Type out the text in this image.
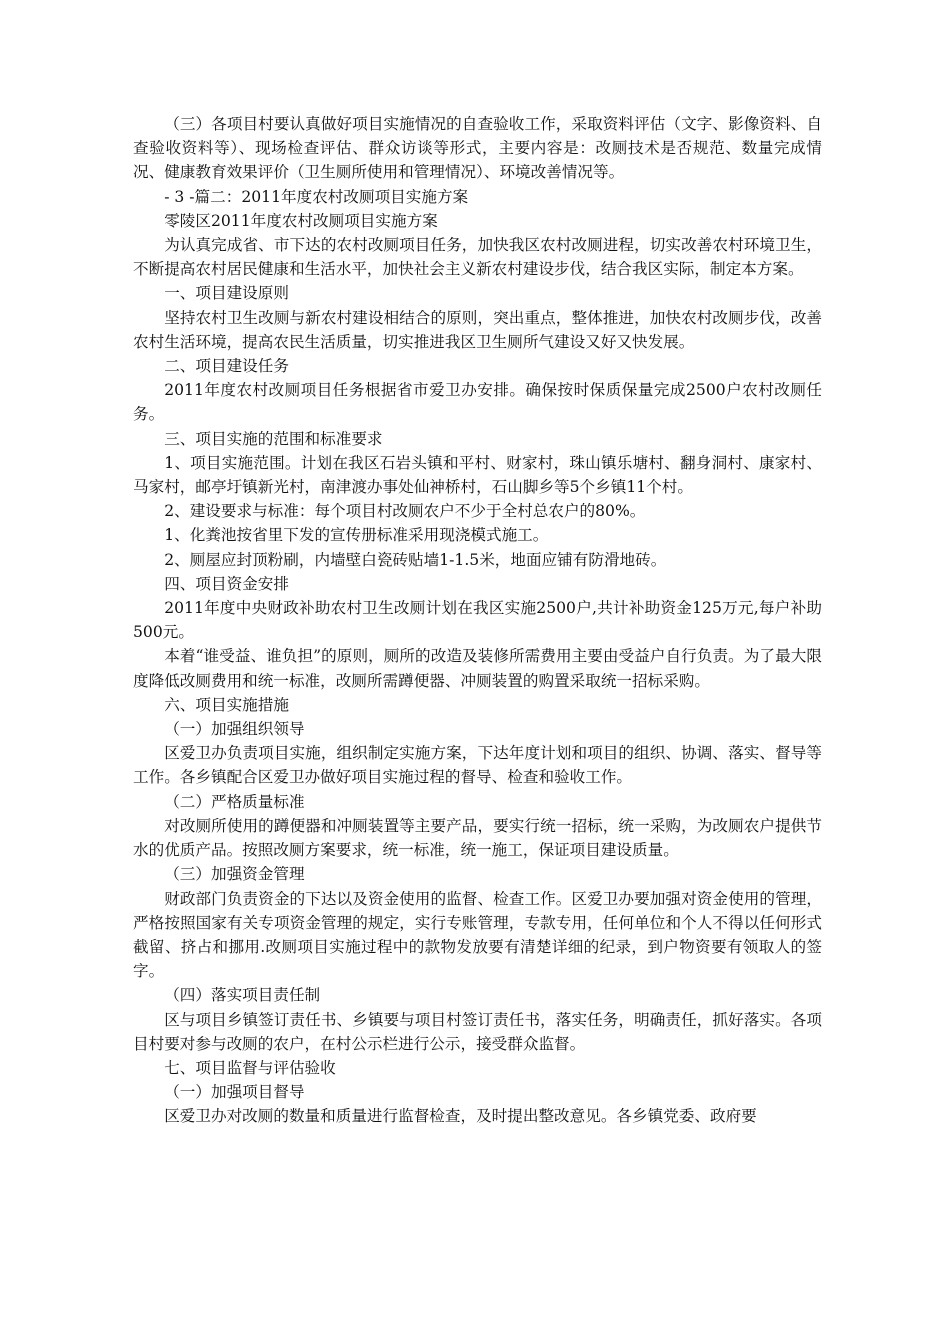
（三）各项目村要认真做好项目实施情况的自查验收工作，采取资料评估（文字、影像资料、自查验收资料等）、现场检查评估、群众访谈等形式，主要内容是：改厕技术是否规范、数量完成情况、健康教育效果评价（卫生厕所使用和管理情况）、环境改善情况等。

- 3 -篇二：2011年度农村改厕项目实施方案

零陵区2011年度农村改厕项目实施方案

为认真完成省、市下达的农村改厕项目任务，加快我区农村改厕进程，切实改善农村环境卫生，不断提高农村居民健康和生活水平，加快社会主义新农村建设步伐，结合我区实际，制定本方案。

一、项目建设原则

坚持农村卫生改厕与新农村建设相结合的原则，突出重点，整体推进，加快农村改厕步伐，改善农村生活环境，提高农民生活质量，切实推进我区卫生厕所气建设又好又快发展。

二、项目建设任务

2011年度农村改厕项目任务根据省市爱卫办安排。确保按时保质保量完成2500户农村改厕任务。

三、项目实施的范围和标准要求

1、项目实施范围。计划在我区石岩头镇和平村、财家村，珠山镇乐塘村、翻身洞村、康家村、马家村，邮亭圩镇新光村，南津渡办事处仙神桥村，石山脚乡等5个乡镇11个村。

2、建设要求与标准：每个项目村改厕农户不少于全村总农户的80%。

1、化粪池按省里下发的宣传册标准采用现浇模式施工。

2、厕屋应封顶粉刷，内墙壁白瓷砖贴墙1-1.5米，地面应铺有防滑地砖。

四、项目资金安排

2011年度中央财政补助农村卫生改厕计划在我区实施2500户,共计补助资金125万元,每户补助500元。

本着“谁受益、谁负担”的原则，厕所的改造及装修所需费用主要由受益户自行负责。为了最大限度降低改厕费用和统一标准，改厕所需蹲便器、冲厕装置的购置采取统一招标采购。

六、项目实施措施

（一）加强组织领导

区爱卫办负责项目实施，组织制定实施方案，下达年度计划和项目的组织、协调、落实、督导等工作。各乡镇配合区爱卫办做好项目实施过程的督导、检查和验收工作。

（二）严格质量标准

对改厕所使用的蹲便器和冲厕装置等主要产品，要实行统一招标，统一采购，为改厕农户提供节水的优质产品。按照改厕方案要求，统一标准，统一施工，保证项目建设质量。

（三）加强资金管理

财政部门负责资金的下达以及资金使用的监督、检查工作。区爱卫办要加强对资金使用的管理，严格按照国家有关专项资金管理的规定，实行专账管理，专款专用，任何单位和个人不得以任何形式截留、挤占和挪用.改厕项目实施过程中的款物发放要有清楚详细的纪录，到户物资要有领取人的签字。

（四）落实项目责任制

区与项目乡镇签订责任书、乡镇要与项目村签订责任书，落实任务，明确责任，抓好落实。各项目村要对参与改厕的农户，在村公示栏进行公示，接受群众监督。

七、项目监督与评估验收

（一）加强项目督导

区爱卫办对改厕的数量和质量进行监督检查，及时提出整改意见。各乡镇党委、政府要
